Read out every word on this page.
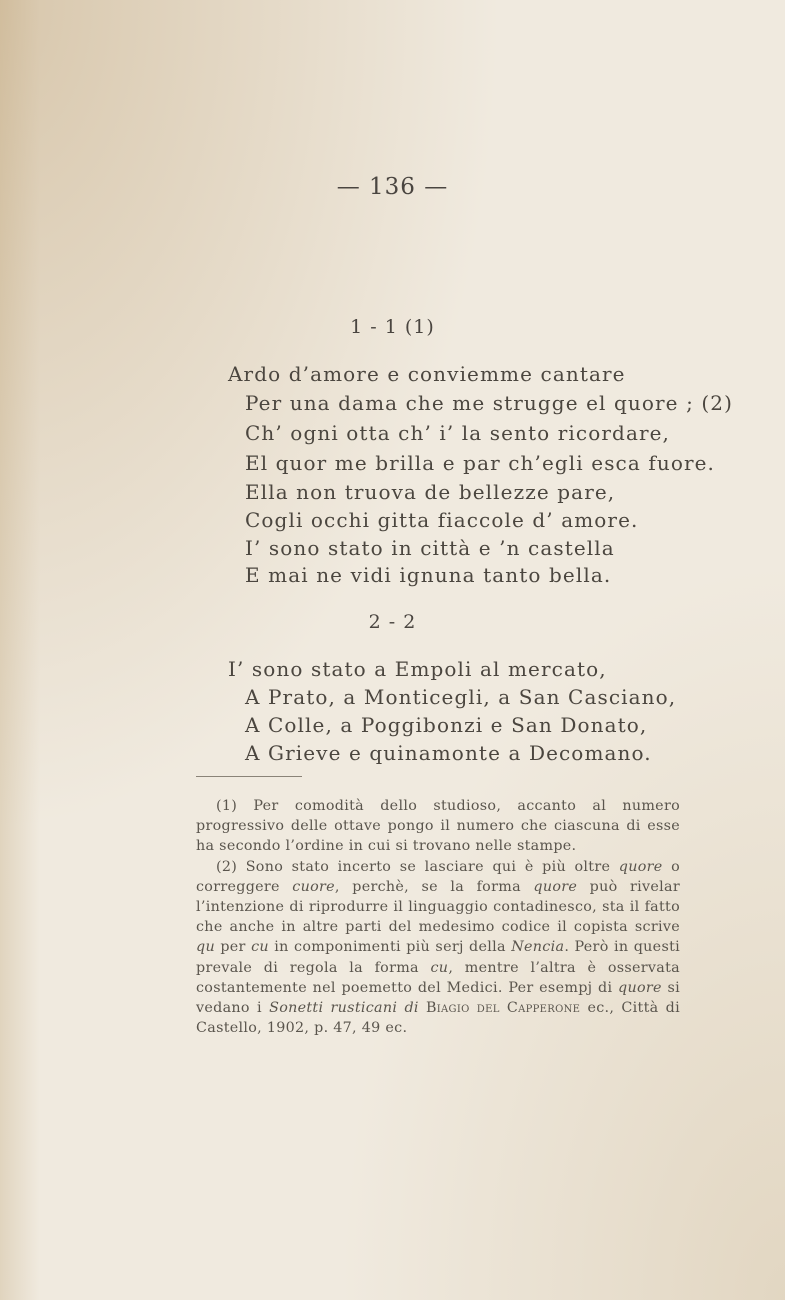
— 136 —
1 - 1 (1)
Ardo d’amore e conviemme cantare
Per una dama che me strugge el quore ; (2)
Ch’ ogni otta ch’ i’ la sento ricordare,
El quor me brilla e par ch’egli esca fuore.
Ella non truova de bellezze pare,
Cogli occhi gitta fiaccole d’ amore.
I’ sono stato in città e ’n castella
E mai ne vidi ignuna tanto bella.
2 - 2
I’ sono stato a Empoli al mercato,
A Prato, a Monticegli, a San Casciano,
A Colle, a Poggibonzi e San Donato,
A Grieve e quinamonte a Decomano.

(1) Per comodità dello studioso, accanto al numero progressivo delle ottave pongo il numero che ciascuna di esse ha secondo l’ordine in cui si trovano nelle stampe.

(2) Sono stato incerto se lasciare qui è più oltre quore o correggere cuore, perchè, se la forma quore può rivelar l’intenzione di riprodurre il linguaggio contadinesco, sta il fatto che anche in altre parti del medesimo codice il copista scrive qu per cu in componimenti più serj della Nencia. Però in questi prevale di regola la forma cu, mentre l’altra è osservata costantemente nel poemetto del Medici. Per esempj di quore si vedano i Sonetti rusticani di Biagio del Capperone ec., Città di Castello, 1902, p. 47, 49 ec.
